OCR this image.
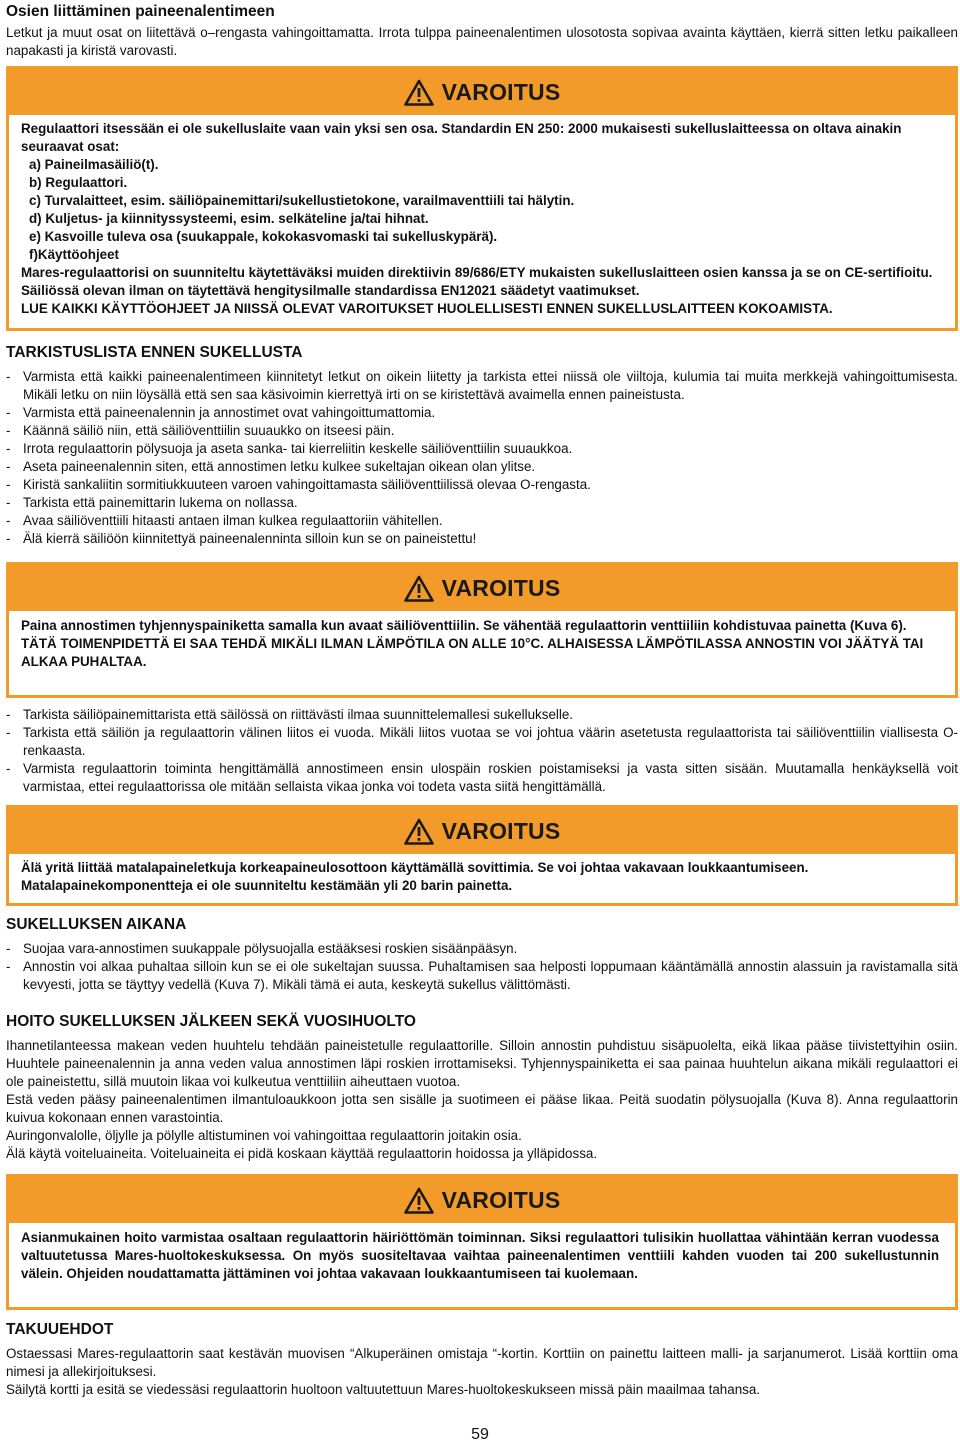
Osien liittäminen paineenalentimeen

Letkut ja muut osat on liitettävä o–rengasta vahingoittamatta. Irrota tulppa paineenalentimen ulosotosta sopivaa avainta käyttäen, kierrä sitten letku paikalleen napakasti ja kiristä varovasti.

VAROITUS

Regulaattori itsessään ei ole sukelluslaite vaan vain yksi sen osa. Standardin EN 250: 2000 mukaisesti sukelluslaitteessa on oltava ainakin seuraavat osat:

a) Paineilmasäiliö(t).

b) Regulaattori.

c) Turvalaitteet, esim. säiliöpainemittari/sukellustietokone, varailmaventtiili tai hälytin.

d) Kuljetus- ja kiinnityssysteemi, esim. selkäteline ja/tai hihnat.

e) Kasvoille tuleva osa (suukappale, kokokasvomaski tai sukelluskypärä).

f)Käyttöohjeet

Mares-regulaattorisi on suunniteltu käytettäväksi muiden direktiivin 89/686/ETY mukaisten sukelluslaitteen osien kanssa ja se on CE-sertifioitu. Säiliössä olevan ilman on täytettävä hengitysilmalle standardissa EN12021 säädetyt vaatimukset.

LUE KAIKKI KÄYTTÖOHJEET JA NIISSÄ OLEVAT VAROITUKSET HUOLELLISESTI ENNEN SUKELLUSLAITTEEN KOKOAMISTA.

TARKISTUSLISTA ENNEN SUKELLUSTA
- Varmista että kaikki paineenalentimeen kiinnitetyt letkut on oikein liitetty ja tarkista ettei niissä ole viiltoja, kulumia tai muita merkkejä vahingoittumisesta. Mikäli letku on niin löysällä että sen saa käsivoimin kierrettyä irti on se kiristettävä avaimella ennen paineistusta.
- Varmista että paineenalennin ja annostimet ovat vahingoittumattomia.
- Käännä säiliö niin, että säiliöventtiilin suuaukko on itseesi päin.
- Irrota regulaattorin pölysuoja ja aseta sanka- tai kierreliitin keskelle säiliöventtiilin suuaukkoa.
- Aseta paineenalennin siten, että annostimen letku kulkee sukeltajan oikean olan ylitse.
- Kiristä sankaliitin sormitiukkuuteen varoen vahingoittamasta säiliöventtiilissä olevaa O-rengasta.
- Tarkista että painemittarin lukema on nollassa.
- Avaa säiliöventtiili hitaasti antaen ilman kulkea regulaattoriin vähitellen.
- Älä kierrä säiliöön kiinnitettyä paineenalenninta silloin kun se on paineistettu!
VAROITUS

Paina annostimen tyhjennyspainiketta samalla kun avaat säiliöventtiilin. Se vähentää regulaattorin venttiiliin kohdistuvaa painetta (Kuva 6).

TÄTÄ TOIMENPIDETTÄ EI SAA TEHDÄ MIKÄLI ILMAN LÄMPÖTILA ON ALLE 10°C. ALHAISESSA LÄMPÖTILASSA ANNOSTIN VOI JÄÄTYÄ TAI ALKAA PUHALTAA.

- Tarkista säiliöpainemittarista että säilössä on riittävästi ilmaa suunnittelemallesi sukellukselle.
- Tarkista että säiliön ja regulaattorin välinen liitos ei vuoda. Mikäli liitos vuotaa se voi johtua väärin asetetusta regulaattorista tai säiliöventtiilin viallisesta O-renkaasta.
- Varmista regulaattorin toiminta hengittämällä annostimeen ensin ulospäin roskien poistamiseksi ja vasta sitten sisään. Muutamalla henkäyksellä voit varmistaa, ettei regulaattorissa ole mitään sellaista vikaa jonka voi todeta vasta siitä hengittämällä.
VAROITUS

Älä yritä liittää matalapaineletkuja korkeapaineulosottoon käyttämällä sovittimia. Se voi johtaa vakavaan loukkaantumiseen. Matalapainekomponentteja ei ole suunniteltu kestämään yli 20 barin painetta.

SUKELLUKSEN AIKANA
- Suojaa vara-annostimen suukappale pölysuojalla estääksesi roskien sisäänpääsyn.
- Annostin voi alkaa puhaltaa silloin kun se ei ole sukeltajan suussa. Puhaltamisen saa helposti loppumaan kääntämällä annostin alassuin ja ravistamalla sitä kevyesti, jotta se täyttyy vedellä (Kuva 7). Mikäli tämä ei auta, keskeytä sukellus välittömästi.
HOITO SUKELLUKSEN JÄLKEEN SEKÄ VUOSIHUOLTO

Ihannetilanteessa makean veden huuhtelu tehdään paineistetulle regulaattorille. Silloin annostin puhdistuu sisäpuolelta, eikä likaa pääse tiivistettyihin osiin. Huuhtele paineenalennin ja anna veden valua annostimen läpi roskien irrottamiseksi. Tyhjennyspainiketta ei saa painaa huuhtelun aikana mikäli regulaattori ei ole paineistettu, sillä muutoin likaa voi kulkeutua venttiiliin aiheuttaen vuotoa.

Estä veden pääsy paineenalentimen ilmantuloaukkoon jotta sen sisälle ja suotimeen ei pääse likaa. Peitä suodatin pölysuojalla (Kuva 8). Anna regulaattorin kuivua kokonaan ennen varastointia.

Auringonvalolle, öljylle ja pölylle altistuminen voi vahingoittaa regulaattorin joitakin osia.

Älä käytä voiteluaineita. Voiteluaineita ei pidä koskaan käyttää regulaattorin hoidossa ja ylläpidossa.

VAROITUS

Asianmukainen hoito varmistaa osaltaan regulaattorin häiriöttömän toiminnan. Siksi regulaattori tulisikin huollattaa vähintään kerran vuodessa valtuutetussa Mares-huoltokeskuksessa. On myös suositeltavaa vaihtaa paineenalentimen venttiili kahden vuoden tai 200 sukellustunnin välein. Ohjeiden noudattamatta jättäminen voi johtaa vakavaan loukkaantumiseen tai kuolemaan.

TAKUUEHDOT

Ostaessasi Mares-regulaattorin saat kestävän muovisen “Alkuperäinen omistaja “-kortin. Korttiin on painettu laitteen malli- ja sarjanumerot. Lisää korttiin oma nimesi ja allekirjoituksesi.

Säilytä kortti ja esitä se viedessäsi regulaattorin huoltoon valtuutettuun Mares-huoltokeskukseen missä päin maailmaa tahansa.

59
